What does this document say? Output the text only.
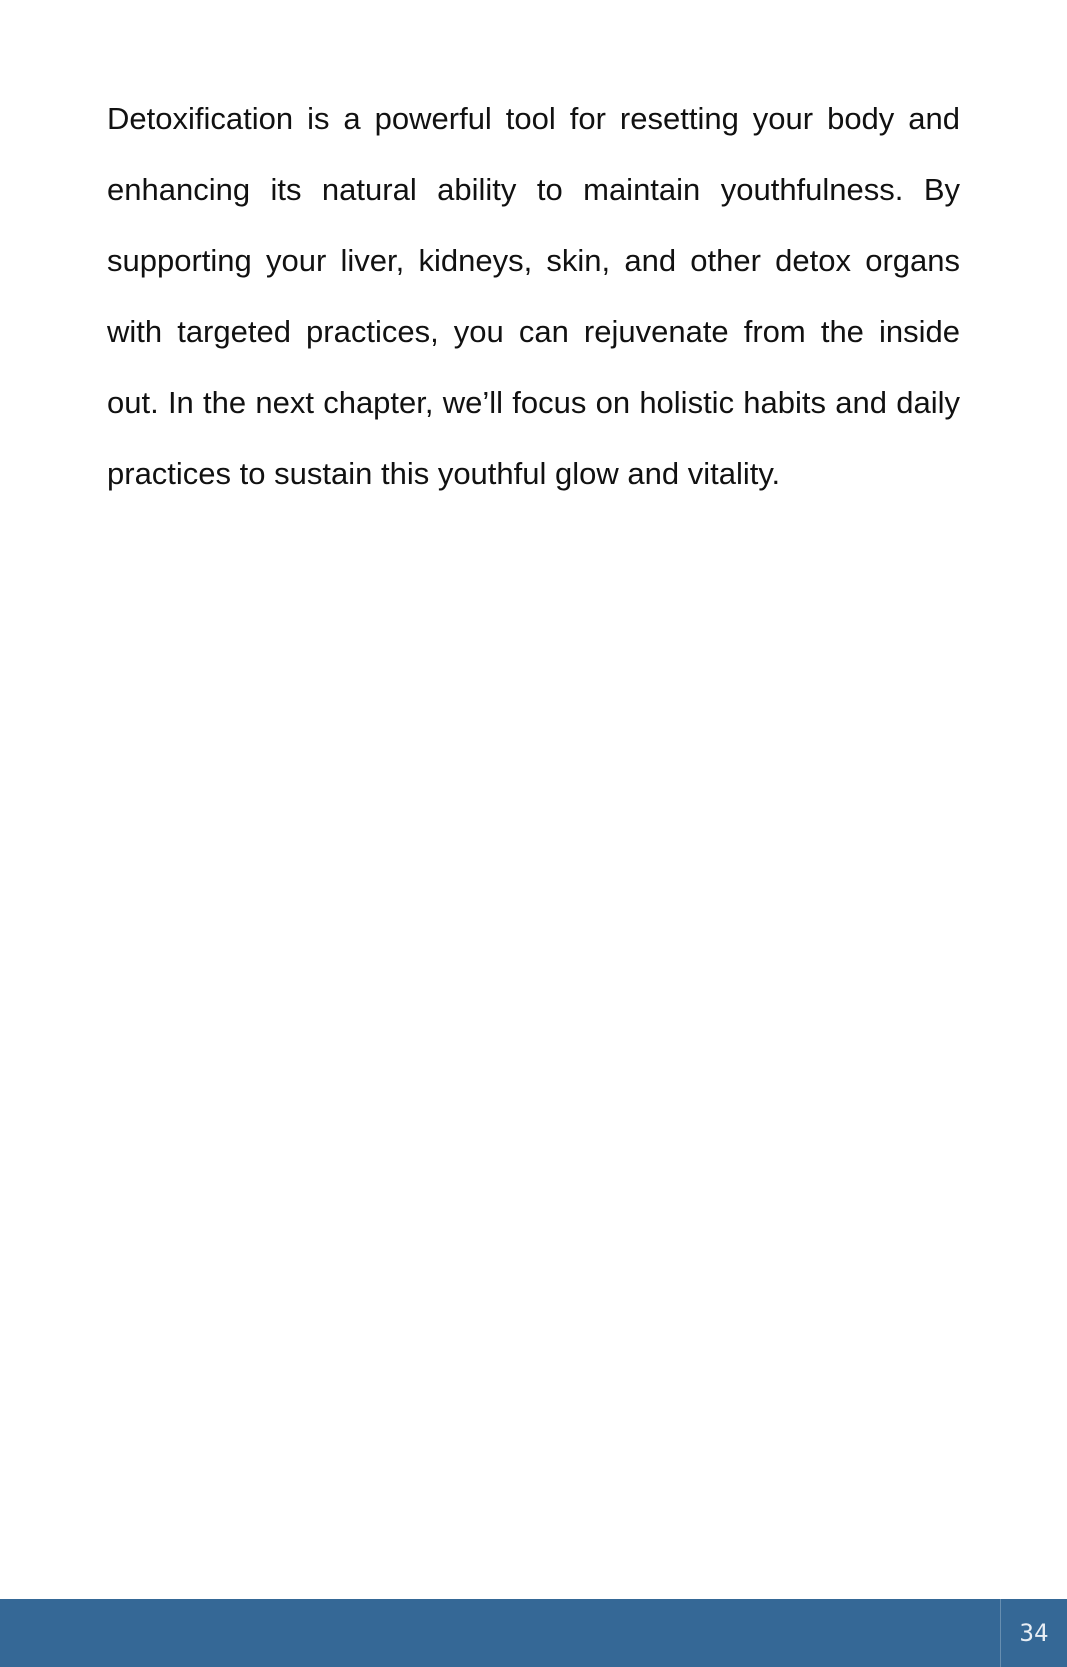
Detoxification is a powerful tool for resetting your body and enhancing its natural ability to maintain youthfulness. By supporting your liver, kidneys, skin, and other detox organs with targeted practices, you can rejuvenate from the inside out. In the next chapter, we’ll focus on holistic habits and daily practices to sustain this youthful glow and vitality.

34
